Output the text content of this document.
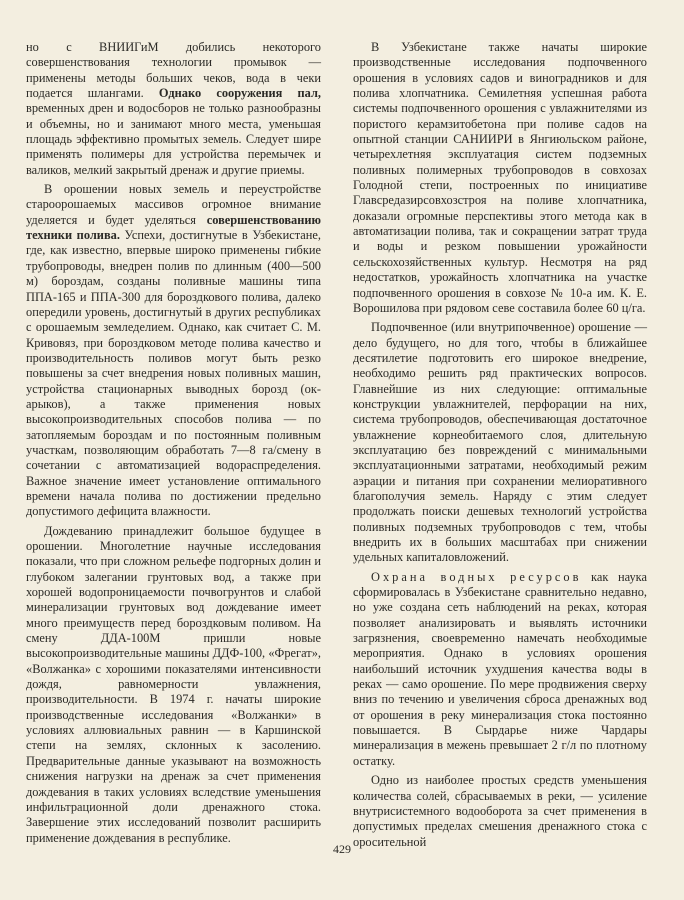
но с ВНИИГиМ добились некоторого совершенствования технологии промывок — применены методы больших чеков, вода в чеки подается шлангами. Однако сооружения пал, временных дрен и водосборов не только разнообразны и объемны, но и занимают много места, уменьшая площадь эффективно промытых земель. Следует шире применять полимеры для устройства перемычек и валиков, мелкий закрытый дренаж и другие приемы.

В орошении новых земель и переустройстве староорошаемых массивов огромное внимание уделяется и будет уделяться совершенствованию техники полива. Успехи, достигнутые в Узбекистане, где, как известно, впервые широко применены гибкие трубопроводы, внедрен полив по длинным (400—500 м) бороздам, созданы поливные машины типа ППА-165 и ППА-300 для бороздкового полива, далеко опередили уровень, достигнутый в других республиках с орошаемым земледелием. Однако, как считает С. М. Кривовяз, при бороздковом методе полива качество и производительность поливов могут быть резко повышены за счет внедрения новых поливных машин, устройства стационарных выводных борозд (ок-арыков), а также применения новых высокопроизводительных способов полива — по затопляемым бороздам и по постоянным поливным участкам, позволяющим обработать 7—8 га/смену в сочетании с автоматизацией водораспределения. Важное значение имеет установление оптимального времени начала полива по достижении предельно допустимого дефицита влажности.

Дождеванию принадлежит большое будущее в орошении. Многолетние научные исследования показали, что при сложном рельефе подгорных долин и глубоком залегании грунтовых вод, а также при хорошей водопроницаемости почвогрунтов и слабой минерализации грунтовых вод дождевание имеет много преимуществ перед бороздковым поливом. На смену ДДА-100М пришли новые высокопроизводительные машины ДДФ-100, «Фрегат», «Волжанка» с хорошими показателями интенсивности дождя, равномерности увлажнения, производительности. В 1974 г. начаты широкие производственные исследования «Волжанки» в условиях аллювиальных равнин — в Каршинской степи на землях, склонных к засолению. Предварительные данные указывают на возможность снижения нагрузки на дренаж за счет применения дождевания в таких условиях вследствие уменьшения инфильтрационной доли дренажного стока. Завершение этих исследований позволит расширить применение дождевания в республике.

В Узбекистане также начаты широкие производственные исследования подпочвенного орошения в условиях садов и виноградников и для полива хлопчатника. Семилетняя успешная работа системы подпочвенного орошения с увлажнителями из пористого керамзитобетона при поливе садов на опытной станции САНИИРИ в Янгиюльском районе, четырехлетняя эксплуатация систем подземных поливных полимерных трубопроводов в совхозах Голодной степи, построенных по инициативе Главсредазирсовхозстроя на поливе хлопчатника, доказали огромные перспективы этого метода как в автоматизации полива, так и сокращении затрат труда и воды и резком повышении урожайности сельскохозяйственных культур. Несмотря на ряд недостатков, урожайность хлопчатника на участке подпочвенного орошения в совхозе № 10-а им. К. Е. Ворошилова при рядовом севе составила более 60 ц/га.

Подпочвенное (или внутрипочвенное) орошение — дело будущего, но для того, чтобы в ближайшее десятилетие подготовить его широкое внедрение, необходимо решить ряд практических вопросов. Главнейшие из них следующие: оптимальные конструкции увлажнителей, перфорации на них, система трубопроводов, обеспечивающая достаточное увлажнение корнеобитаемого слоя, длительную эксплуатацию без повреждений с минимальными эксплуатационными затратами, необходимый режим аэрации и питания при сохранении мелиоративного благополучия земель. Наряду с этим следует продолжать поиски дешевых технологий устройства поливных подземных трубопроводов с тем, чтобы внедрить их в больших масштабах при снижении удельных капиталовложений.

Охрана водных ресурсов как наука сформировалась в Узбекистане сравнительно недавно, но уже создана сеть наблюдений на реках, которая позволяет анализировать и выявлять источники загрязнения, своевременно намечать необходимые мероприятия. Однако в условиях орошения наибольший источник ухудшения качества воды в реках — само орошение. По мере продвижения сверху вниз по течению и увеличения сброса дренажных вод от орошения в реку минерализация стока постоянно повышается. В Сырдарье ниже Чардары минерализация в межень превышает 2 г/л по плотному остатку.

Одно из наиболее простых средств уменьшения количества солей, сбрасываемых в реки, — усиление внутрисистемного водооборота за счет применения в допустимых пределах смешения дренажного стока с оросительной

429
